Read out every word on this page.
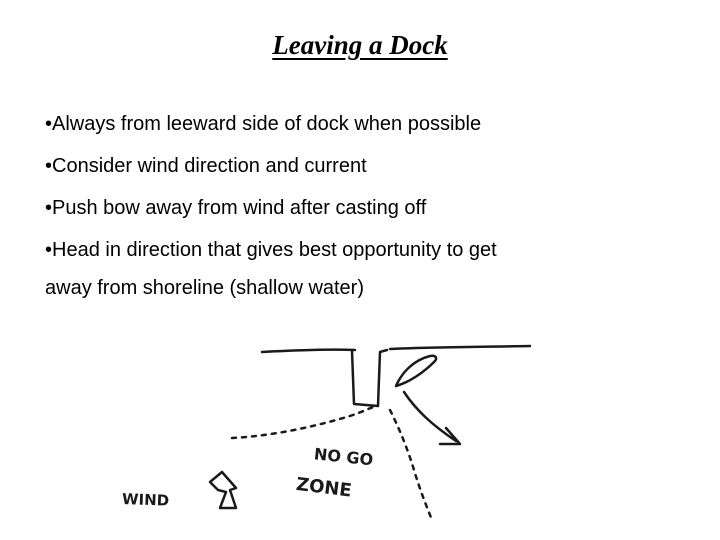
Leaving a Dock
•Always from leeward side of dock when possible
•Consider wind direction and current
•Push bow away from wind after casting off
•Head in direction that gives best opportunity to get
away from shoreline (shallow water)
WIND
NO GO
ZONE
